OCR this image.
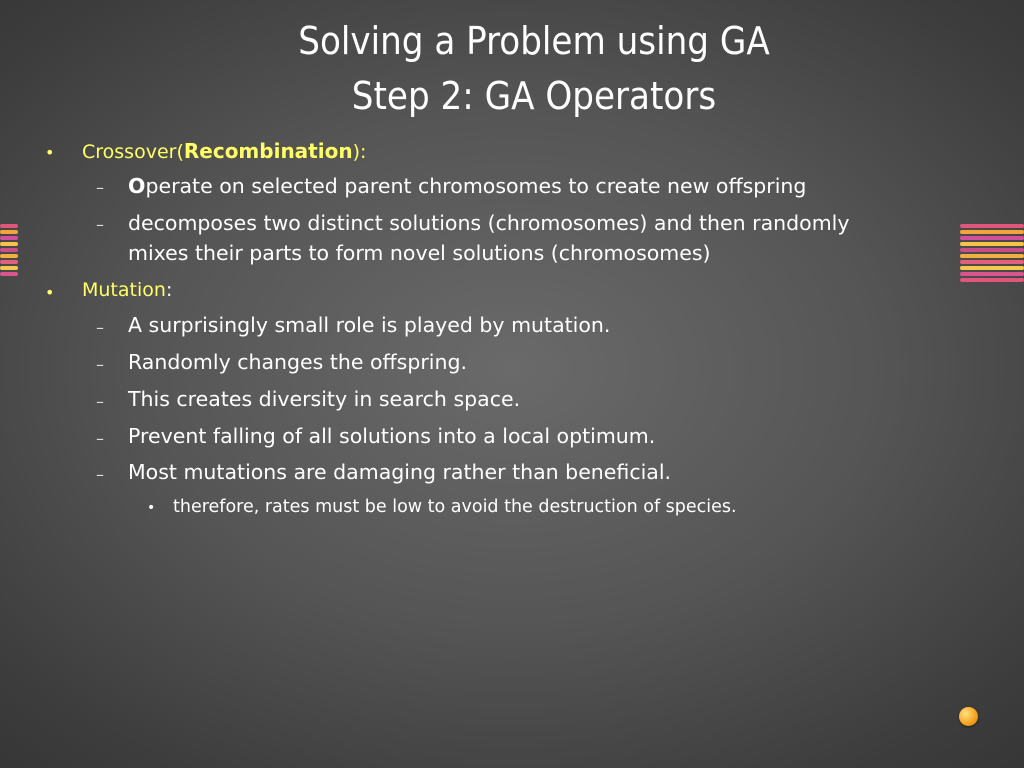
Solving a Problem using GA
Step 2: GA Operators
• Crossover(Recombination):
– Operate on selected parent chromosomes to create new offspring
– decomposes two distinct solutions (chromosomes) and then randomly
mixes their parts to form novel solutions (chromosomes)
• Mutation:
– A surprisingly small role is played by mutation.
– Randomly changes the offspring.
– This creates diversity in search space.
– Prevent falling of all solutions into a local optimum.
– Most mutations are damaging rather than beneficial.
• therefore, rates must be low to avoid the destruction of species.
